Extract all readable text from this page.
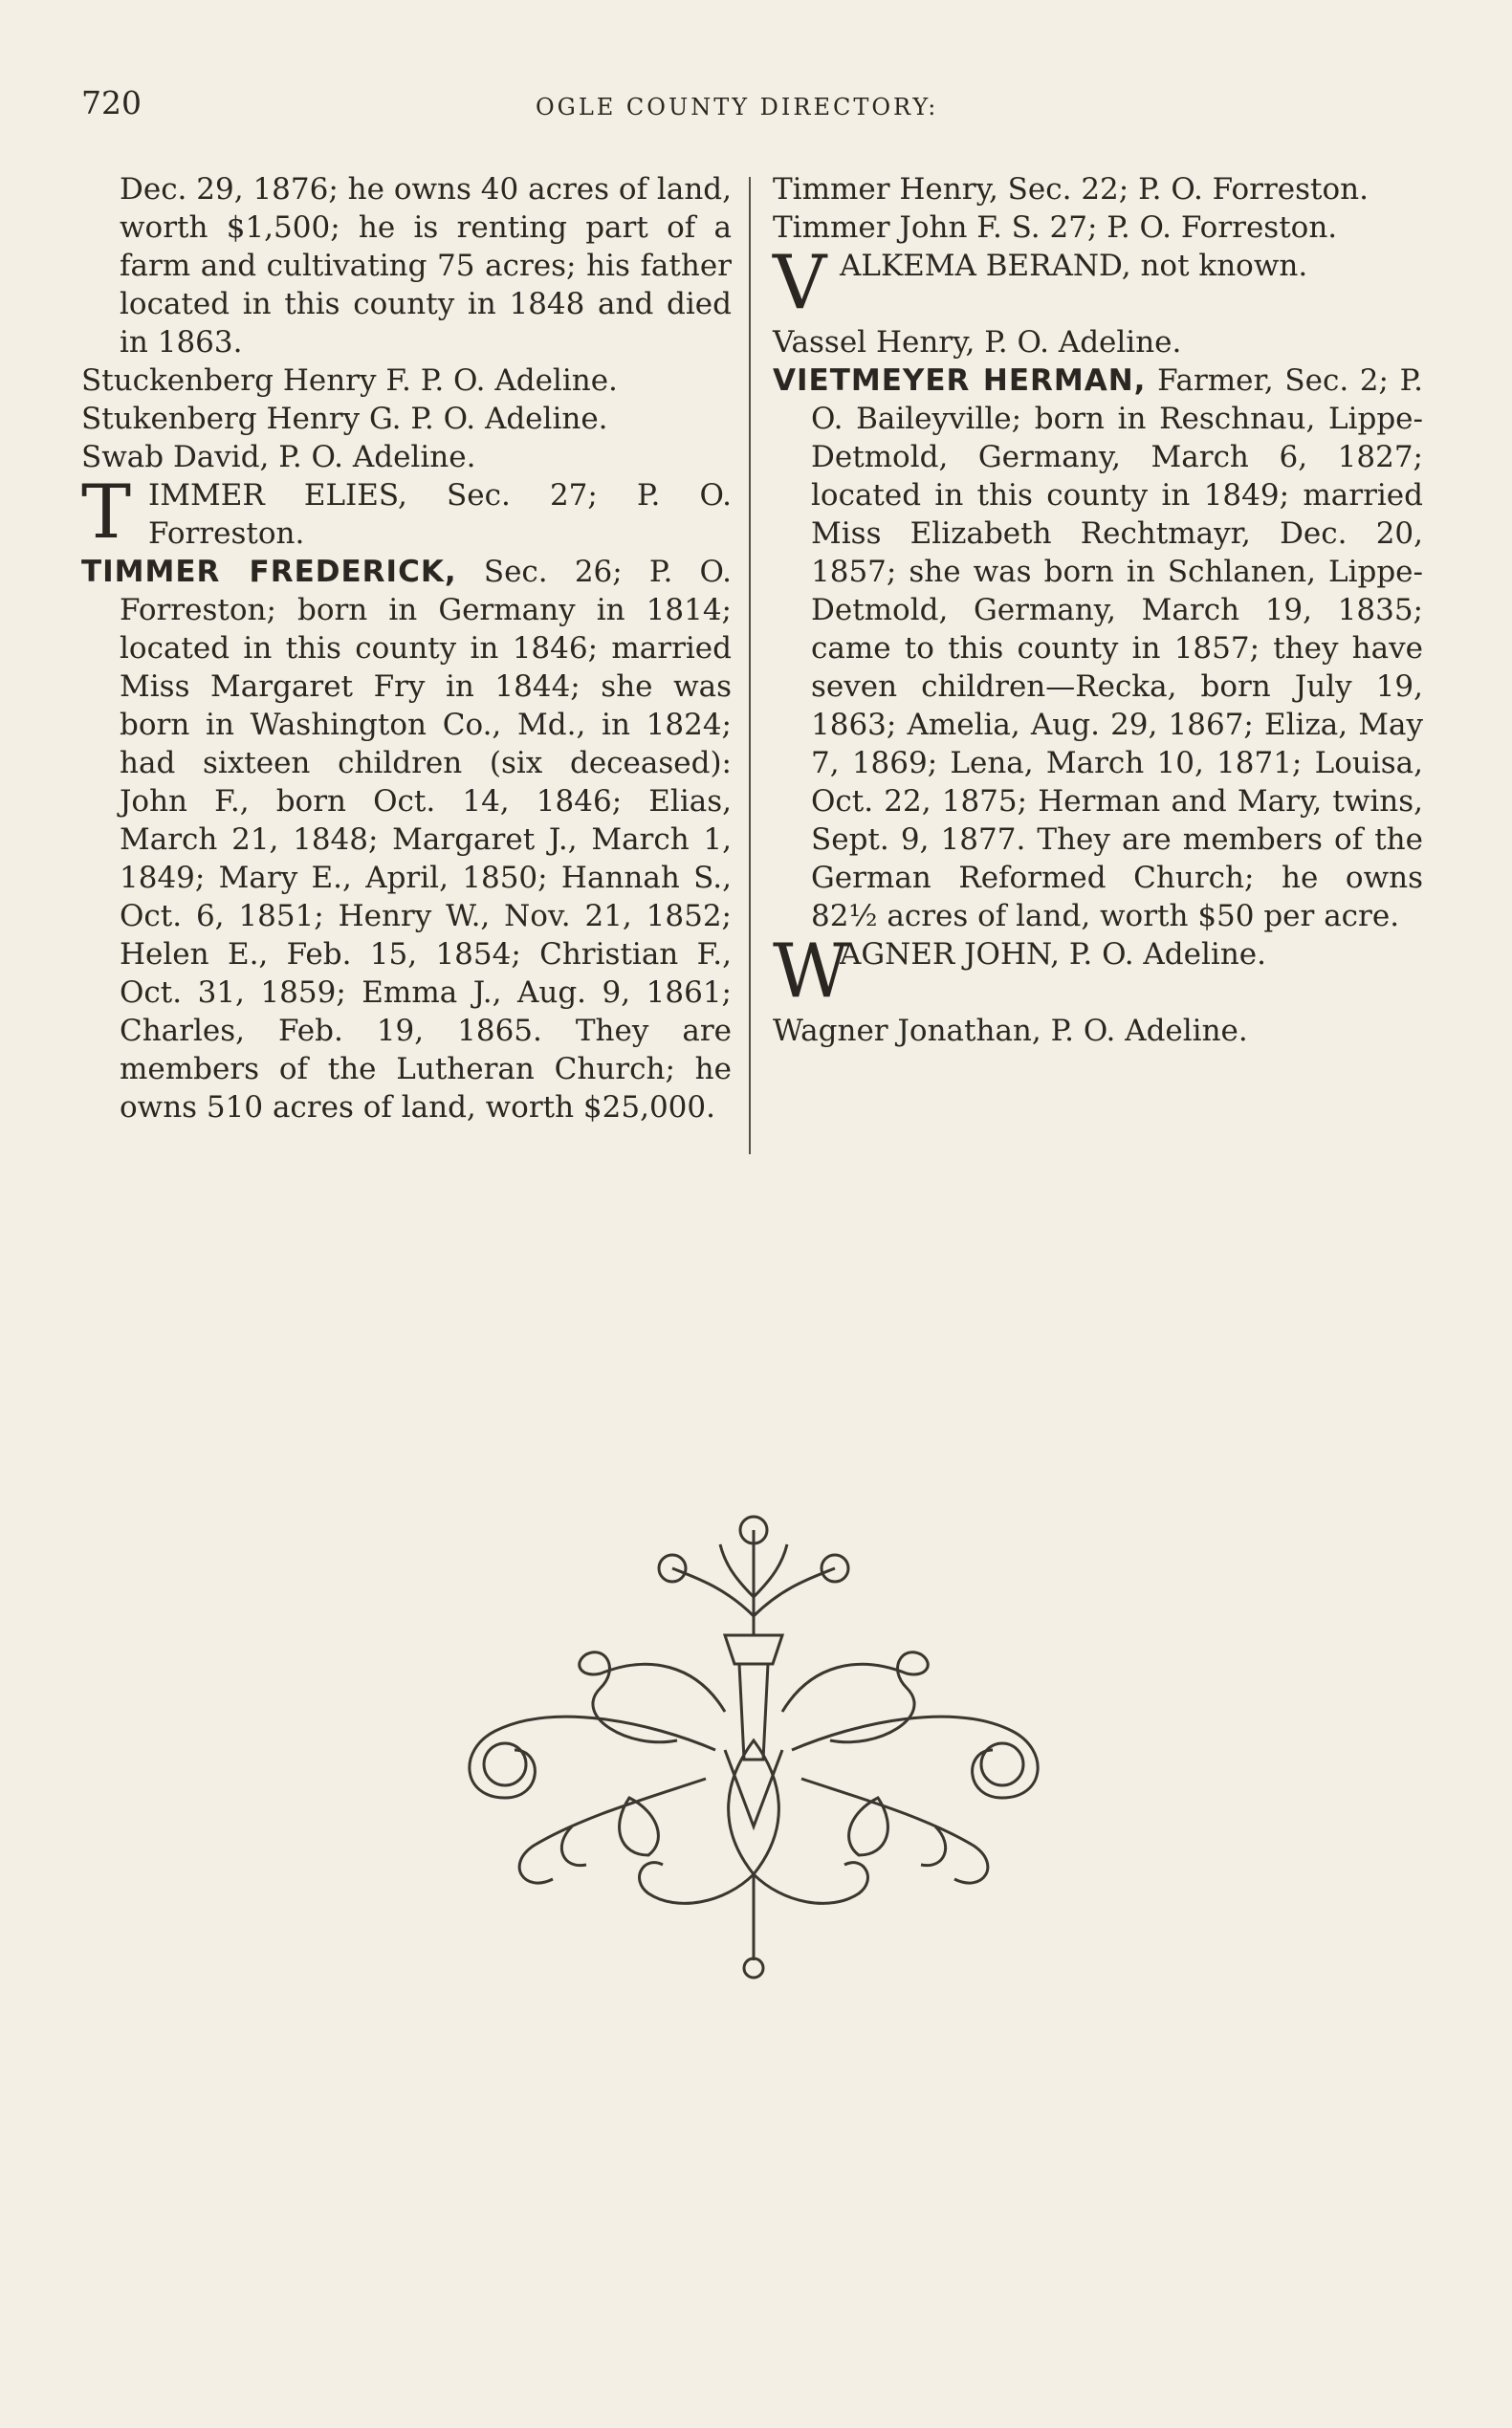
720	OGLE COUNTY DIRECTORY:

Dec. 29, 1876; he owns 40 acres of land, worth $1,500; he is renting part of a farm and cultivating 75 acres; his father located in this county in 1848 and died in 1863.

Stuckenberg Henry F. P. O. Adeline.

Stukenberg Henry G. P. O. Adeline.

Swab David, P. O. Adeline.

T IMMER ELIES, Sec. 27; P. O. Forreston.

TIMMER FREDERICK, Sec. 26; P. O. Forreston; born in Germany in 1814; located in this county in 1846; married Miss Margaret Fry in 1844; she was born in Washington Co., Md., in 1824; had sixteen children (six deceased): John F., born Oct. 14, 1846; Elias, March 21, 1848; Margaret J., March 1, 1849; Mary E., April, 1850; Hannah S., Oct. 6, 1851; Henry W., Nov. 21, 1852; Helen E., Feb. 15, 1854; Christian F., Oct. 31, 1859; Emma J., Aug. 9, 1861; Charles, Feb. 19, 1865. They are members of the Lutheran Church; he owns 510 acres of land, worth $25,000.

Timmer Henry, Sec. 22; P. O. Forreston.

Timmer John F. S. 27; P. O. Forreston.

V ALKEMA BERAND, not known.

Vassel Henry, P. O. Adeline.

VIETMEYER HERMAN, Farmer, Sec. 2; P. O. Baileyville; born in Reschnau, Lippe-Detmold, Germany, March 6, 1827; located in this county in 1849; married Miss Elizabeth Rechtmayr, Dec. 20, 1857; she was born in Schlanen, Lippe-Detmold, Germany, March 19, 1835; came to this county in 1857; they have seven children—Recka, born July 19, 1863; Amelia, Aug. 29, 1867; Eliza, May 7, 1869; Lena, March 10, 1871; Louisa, Oct. 22, 1875; Herman and Mary, twins, Sept. 9, 1877. They are members of the German Reformed Church; he owns 82½ acres of land, worth $50 per acre.

W
AGNER JOHN, P. O. Adeline.

Wagner Jonathan, P. O. Adeline.
